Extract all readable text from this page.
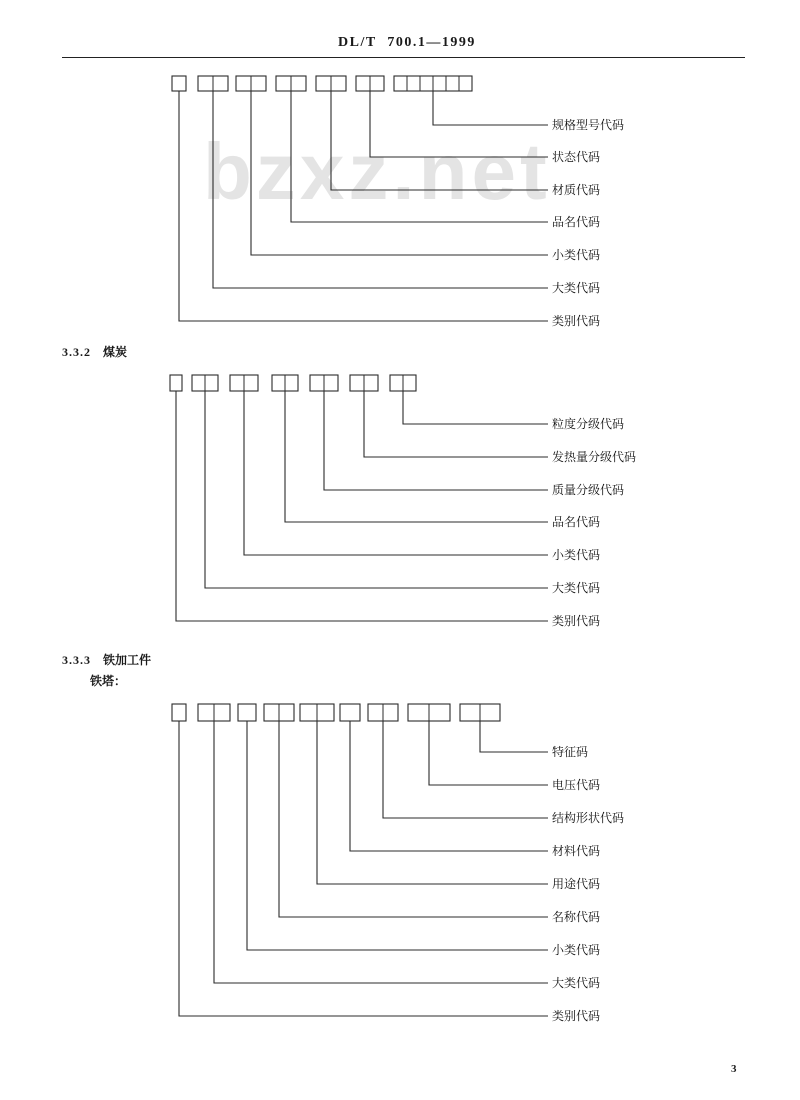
DL/T 700.1—1999
bzxz.net
类别代码
大类代码
小类代码
品名代码
材质代码
状态代码
规格型号代码
3.3.2 煤炭
类别代码
大类代码
小类代码
品名代码
质量分级代码
发热量分级代码
粒度分级代码
3.3.3 铁加工件
铁塔：
类别代码
大类代码
小类代码
名称代码
用途代码
材料代码
结构形状代码
电压代码
特征码
3
